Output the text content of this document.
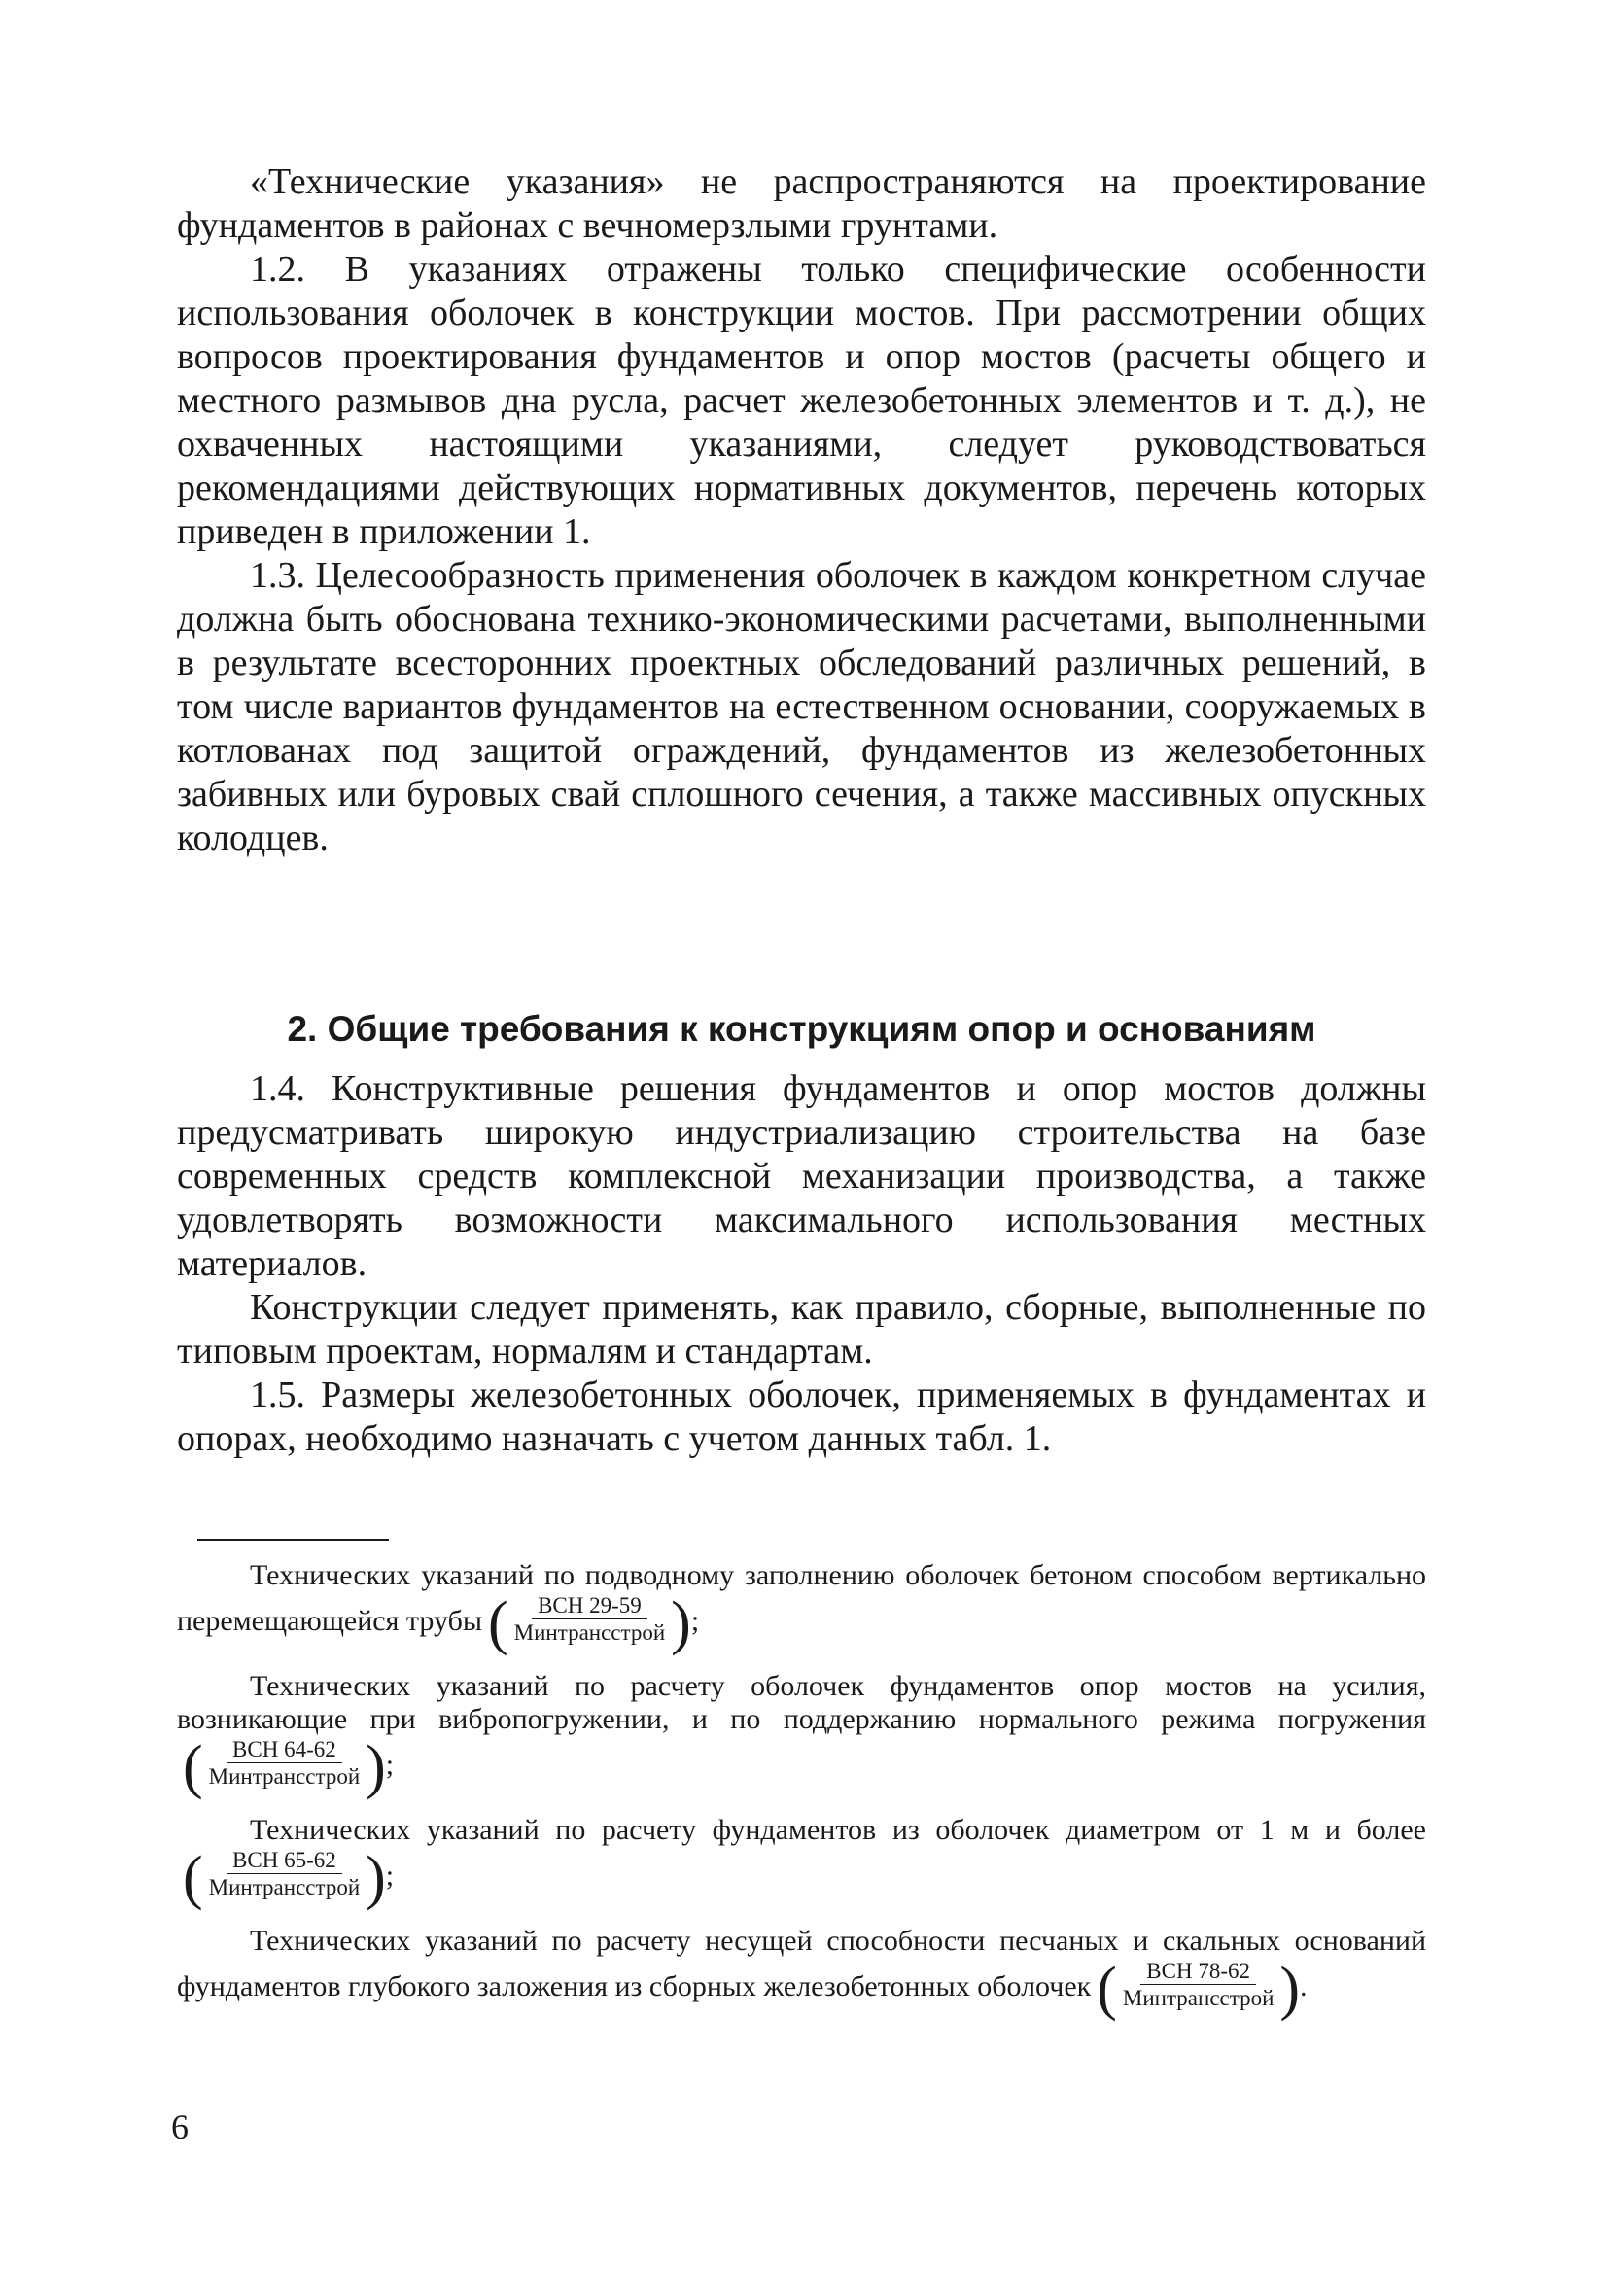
«Технические указания» не распространяются на проектирование фундаментов в районах с вечномерзлыми грунтами.

1.2. В указаниях отражены только специфические особенности использования оболочек в конструкции мостов. При рассмотрении общих вопросов проектирования фундаментов и опор мостов (расчеты общего и местного размывов дна русла, расчет железобетонных элементов и т. д.), не охваченных настоящими указаниями, следует руководствоваться рекомендациями действующих нормативных документов, перечень которых приведен в приложении 1.

1.3. Целесообразность применения оболочек в каждом конкретном случае должна быть обоснована технико-экономическими расчетами, выполненными в результате всесторонних проектных обследований различных решений, в том числе вариантов фундаментов на естественном основании, сооружаемых в котлованах под защитой ограждений, фундаментов из железобетонных забивных или буровых свай сплошного сечения, а также массивных опускных колодцев.

2. Общие требования к конструкциям опор и основаниям

1.4. Конструктивные решения фундаментов и опор мостов должны предусматривать широкую индустриализацию строительства на базе современных средств комплексной механизации производства, а также удовлетворять возможности максимального использования местных материалов.

Конструкции следует применять, как правило, сборные, выполненные по типовым проектам, нормалям и стандартам.

1.5. Размеры железобетонных оболочек, применяемых в фундаментах и опорах, необходимо назначать с учетом данных табл. 1.

Технических указаний по подводному заполнению оболочек бетоном способом вертикально перемещающейся трубы ( $\frac{\text{ВСН 29-59}}{\text{Минтрансстрой}}$ ) ;

Технических указаний по расчету оболочек фундаментов опор мостов на усилия, возникающие при вибропогружении, и по поддержанию нормального режима погружения
( $\frac{\text{ВСН 64-62}}{\text{Минтрансстрой}}$ ) ;

Технических указаний по расчету фундаментов из оболочек диаметром от 1 м и более
( $\frac{\text{ВСН 65-62}}{\text{Минтрансстрой}}$ ) ;

Технических указаний по расчету несущей способности песчаных и скальных оснований фундаментов глубокого заложения из сборных железобетонных оболочек ( $\frac{\text{ВСН 78-62}}{\text{Минтрансстрой}}$ ) .

6
